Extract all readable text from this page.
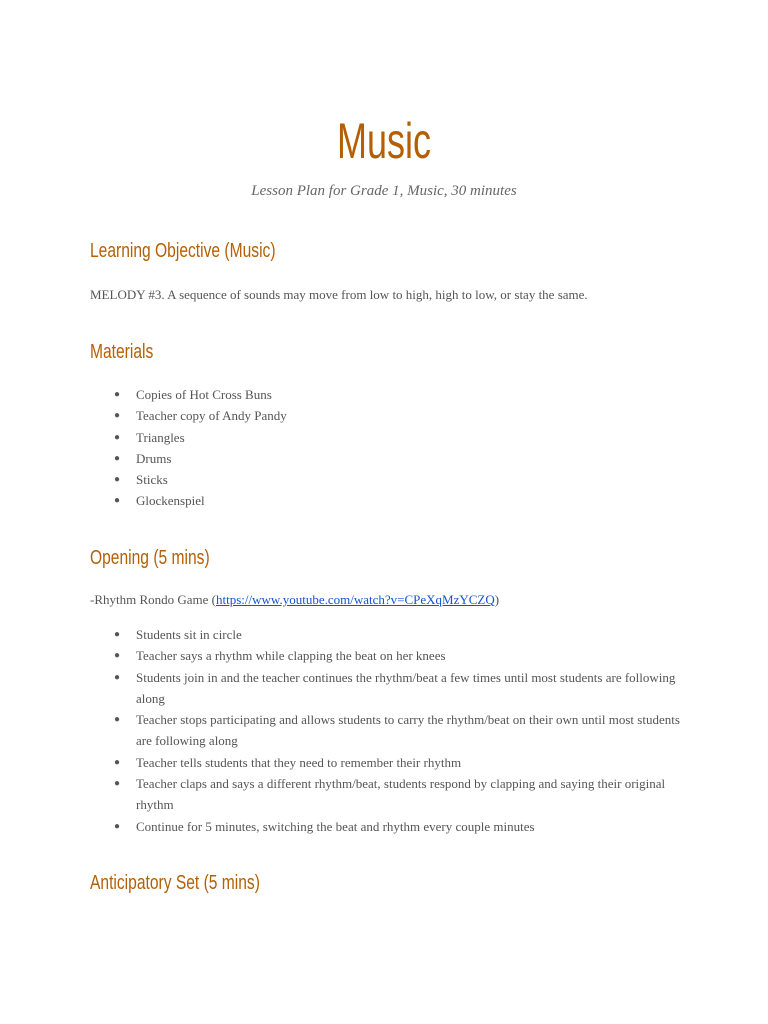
Music
Lesson Plan for Grade 1, Music, 30 minutes
Learning Objective (Music)
MELODY #3. A sequence of sounds may move from low to high, high to low, or stay the same.
Materials
● Copies of Hot Cross Buns
● Teacher copy of Andy Pandy
● Triangles
● Drums
● Sticks
● Glockenspiel
Opening (5 mins)
-Rhythm Rondo Game (https://www.youtube.com/watch?v=CPeXqMzYCZQ)
● Students sit in circle
● Teacher says a rhythm while clapping the beat on her knees
● Students join in and the teacher continues the rhythm/beat a few times until most students are following along
● Teacher stops participating and allows students to carry the rhythm/beat on their own until most students are following along
● Teacher tells students that they need to remember their rhythm
● Teacher claps and says a different rhythm/beat, students respond by clapping and saying their original rhythm
● Continue for 5 minutes, switching the beat and rhythm every couple minutes
Anticipatory Set (5 mins)
